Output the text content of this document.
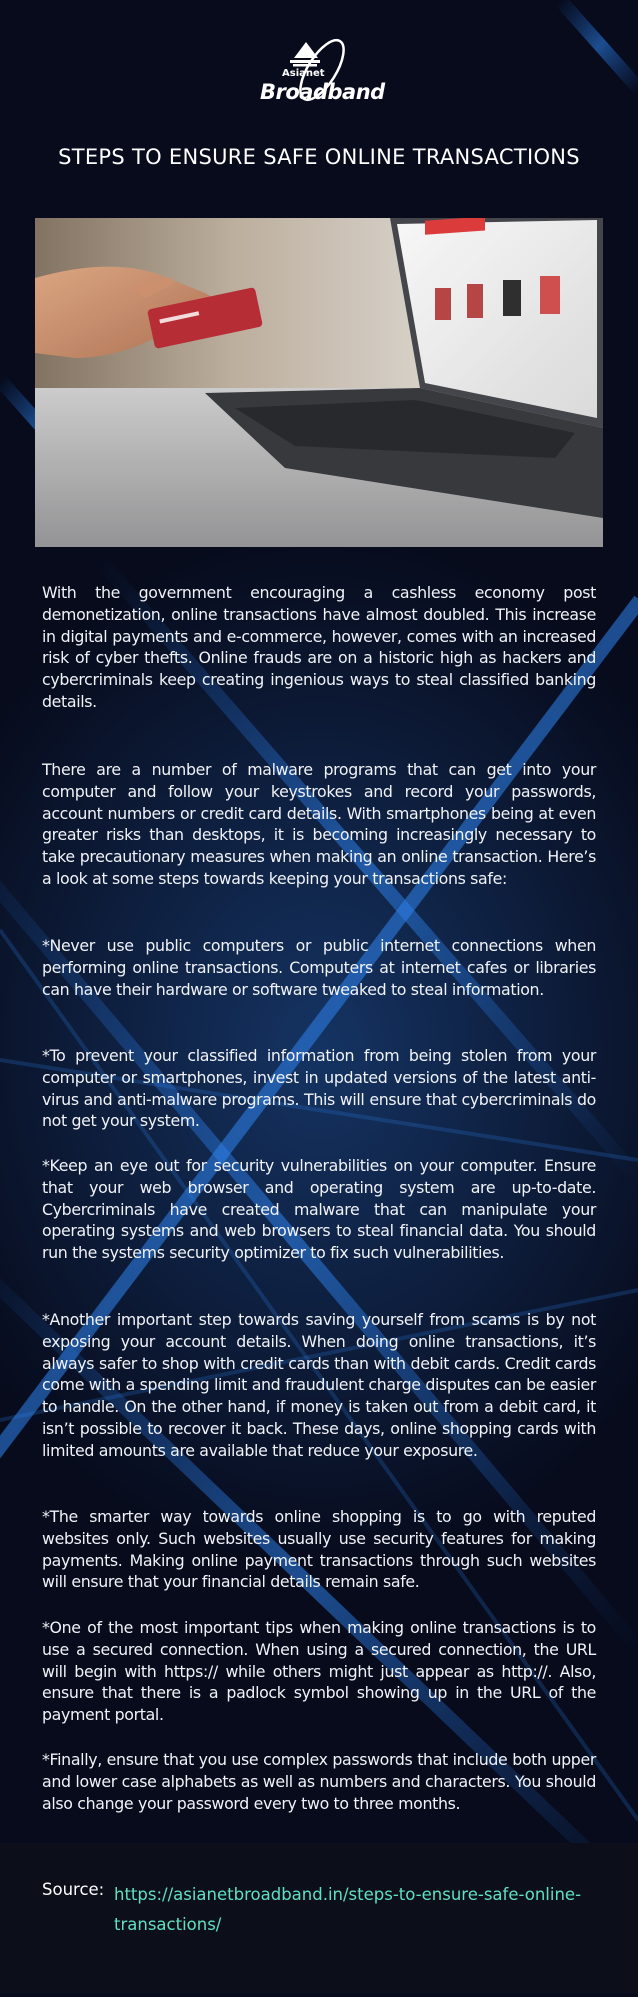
Asianet
Broadband
STEPS TO ENSURE SAFE ONLINE TRANSACTIONS

With the government encouraging a cashless economy post demonetization, online transactions have almost doubled. This increase in digital payments and e-commerce, however, comes with an increased risk of cyber thefts. Online frauds are on a historic high as hackers and cybercriminals keep creating ingenious ways to steal classified banking details.

There are a number of malware programs that can get into your computer and follow your keystrokes and record your passwords, account numbers or credit card details. With smartphones being at even greater risks than desktops, it is becoming increasingly necessary to take precautionary measures when making an online transaction. Here’s a look at some steps towards keeping your transactions safe:

*Never use public computers or public internet connections when performing online transactions. Computers at internet cafes or libraries can have their hardware or software tweaked to steal information.

*To prevent your classified information from being stolen from your computer or smartphones, invest in updated versions of the latest anti-virus and anti-malware programs. This will ensure that cybercriminals do not get your system.

*Keep an eye out for security vulnerabilities on your computer. Ensure that your web browser and operating system are up-to-date. Cybercriminals have created malware that can manipulate your operating systems and web browsers to steal financial data. You should run the systems security optimizer to fix such vulnerabilities.

*Another important step towards saving yourself from scams is by not exposing your account details. When doing online transactions, it’s always safer to shop with credit cards than with debit cards. Credit cards come with a spending limit and fraudulent charge disputes can be easier to handle. On the other hand, if money is taken out from a debit card, it isn’t possible to recover it back. These days, online shopping cards with limited amounts are available that reduce your exposure.

*The smarter way towards online shopping is to go with reputed websites only. Such websites usually use security features for making payments. Making online payment transactions through such websites will ensure that your financial details remain safe.

*One of the most important tips when making online transactions is to use a secured connection. When using a secured connection, the URL will begin with https:// while others might just appear as http://. Also, ensure that there is a padlock symbol showing up in the URL of the payment portal.

*Finally, ensure that you use complex passwords that include both upper and lower case alphabets as well as numbers and characters. You should also change your password every two to three months.

Source: https://asianetbroadband.in/steps-to-ensure-safe-online-transactions/
